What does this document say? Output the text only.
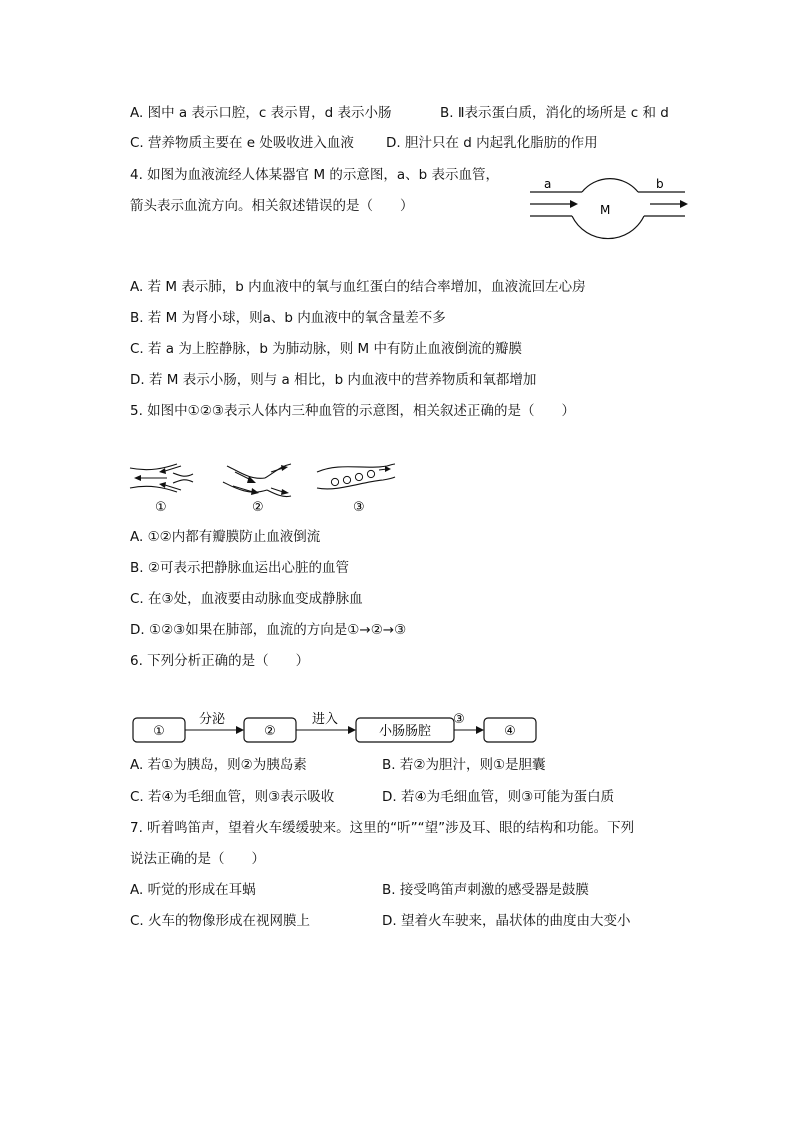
A. 图中 a 表示口腔，c 表示胃，d 表示小肠	B. Ⅱ表示蛋白质，消化的场所是 c 和 d
C. 营养物质主要在 e 处吸收进入血液 D. 胆汁只在 d 内起乳化脂肪的作用
4. 如图为血液流经人体某器官 M 的示意图，a、b 表示血管，
箭头表示血流方向。相关叙述错误的是（　　）
a	b
M
A. 若 M 表示肺，b 内血液中的氧与血红蛋白的结合率增加，血液流回左心房
B. 若 M 为肾小球，则a、b 内血液中的氧含量差不多
C. 若 a 为上腔静脉，b 为肺动脉，则 M 中有防止血液倒流的瓣膜
D. 若 M 表示小肠，则与 a 相比，b 内血液中的营养物质和氧都增加
5. 如图中①②③表示人体内三种血管的示意图，相关叙述正确的是（　　）
①	②	③
A. ①②内都有瓣膜防止血液倒流
B. ②可表示把静脉血运出心脏的血管
C. 在③处，血液要由动脉血变成静脉血
D. ①②③如果在肺部，血流的方向是①→②→③
6. 下列分析正确的是（　　）
①	②	小肠肠腔	④
分泌	进入	③
A. 若①为胰岛，则②为胰岛素	B. 若②为胆汁，则①是胆囊
C. 若④为毛细血管，则③表示吸收	D. 若④为毛细血管，则③可能为蛋白质
7. 听着鸣笛声，望着火车缓缓驶来。这里的“听”“望”涉及耳、眼的结构和功能。下列
说法正确的是（　　）
A. 听觉的形成在耳蜗	B. 接受鸣笛声刺激的感受器是鼓膜
C. 火车的物像形成在视网膜上	D. 望着火车驶来，晶状体的曲度由大变小
